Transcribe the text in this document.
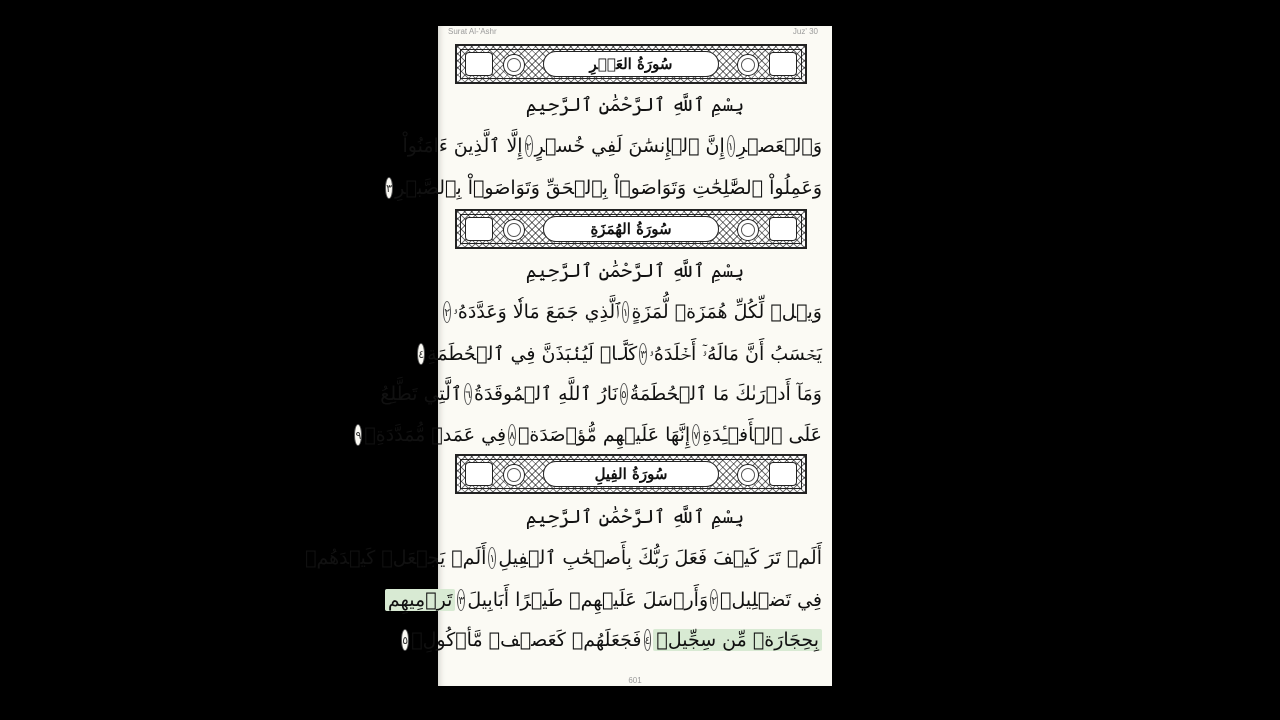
Surat Al-'Ashr	Juz' 30
سُورَةُ العَصۡرِ
بِسْمِ ٱللَّهِ ٱلرَّحْمَٰنِ ٱلرَّحِيمِ
وَٱلۡعَصۡرِ
١
إِنَّ ٱلۡإِنسَٰنَ لَفِي خُسۡرٍ
٢
إِلَّا ٱلَّذِينَ ءَامَنُواْ
وَعَمِلُواْ ٱلصَّٰلِحَٰتِ وَتَوَاصَوۡاْ بِٱلۡحَقِّ وَتَوَاصَوۡاْ بِٱلصَّبۡرِ
٣
سُورَةُ الهُمَزَةِ
بِسْمِ ٱللَّهِ ٱلرَّحْمَٰنِ ٱلرَّحِيمِ
وَيۡلٞ لِّكُلِّ هُمَزَةٖ لُّمَزَةٍ
١
ٱلَّذِي جَمَعَ مَالٗا وَعَدَّدَهُۥ
٢
يَحۡسَبُ أَنَّ مَالَهُۥٓ أَخۡلَدَهُۥ
٣
كَلَّاۖ لَيُنۢبَذَنَّ فِي ٱلۡحُطَمَةِ
٤
وَمَآ أَدۡرَىٰكَ مَا ٱلۡحُطَمَةُ
٥
نَارُ ٱللَّهِ ٱلۡمُوقَدَةُ
٦
ٱلَّتِي تَطَّلِعُ
عَلَى ٱلۡأَفۡـِٔدَةِ
٧
إِنَّهَا عَلَيۡهِم مُّؤۡصَدَةٞ
٨
فِي عَمَدٖ مُّمَدَّدَةِۭ
٩
سُورَةُ الفِيلِ
بِسْمِ ٱللَّهِ ٱلرَّحْمَٰنِ ٱلرَّحِيمِ
أَلَمۡ تَرَ كَيۡفَ فَعَلَ رَبُّكَ بِأَصۡحَٰبِ ٱلۡفِيلِ
١
أَلَمۡ يَجۡعَلۡ كَيۡدَهُمۡ
فِي تَضۡلِيلٖ
٢
وَأَرۡسَلَ عَلَيۡهِمۡ طَيۡرًا أَبَابِيلَ
٣
تَرۡمِيهِم
بِحِجَارَةٖ مِّن سِجِّيلٖ
٤
فَجَعَلَهُمۡ كَعَصۡفٖ مَّأۡكُولِۭ
٥
601
